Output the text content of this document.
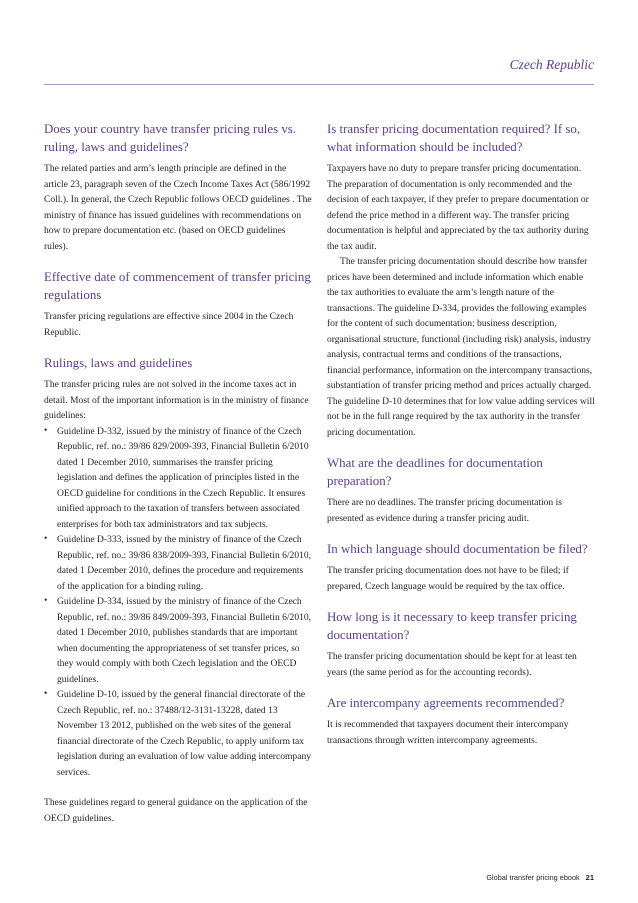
Czech Republic
Does your country have transfer pricing rules vs. ruling, laws and guidelines?

The related parties and arm’s length principle are defined in the article 23, paragraph seven of the Czech Income Taxes Act (586/1992 Coll.). In general, the Czech Republic follows OECD guidelines . The ministry of finance has issued guidelines with recommendations on how to prepare documentation etc. (based on OECD guidelines rules).

Effective date of commencement of transfer pricing regulations

Transfer pricing regulations are effective since 2004 in the Czech Republic.

Rulings, laws and guidelines

The transfer pricing rules are not solved in the income taxes act in detail. Most of the important information is in the ministry of finance guidelines:

• Guideline D-332, issued by the ministry of finance of the Czech Republic, ref. no.: 39/86 829/2009-393, Financial Bulletin 6/2010 dated 1 December 2010, summarises the transfer pricing legislation and defines the application of principles listed in the OECD guideline for conditions in the Czech Republic. It ensures unified approach to the taxation of transfers between associated enterprises for both tax administrators and tax subjects.
• Guideline D-333, issued by the ministry of finance of the Czech Republic, ref. no.: 39/86 838/2009-393, Financial Bulletin 6/2010, dated 1 December 2010, defines the procedure and requirements of the application for a binding ruling.
• Guideline D-334, issued by the ministry of finance of the Czech Republic, ref. no.: 39/86 849/2009-393, Financial Bulletin 6/2010, dated 1 December 2010, publishes standards that are important when documenting the appropriateness of set transfer prices, so they would comply with both Czech legislation and the OECD guidelines.
• Guideline D-10, issued by the general financial directorate of the Czech Republic, ref. no.: 37488/12-3131-13228, dated 13 November 13 2012, published on the web sites of the general financial directorate of the Czech Republic, to apply uniform tax legislation during an evaluation of low value adding intercompany services.

These guidelines regard to general guidance on the application of the OECD guidelines.

Is transfer pricing documentation required? If so, what information should be included?

Taxpayers have no duty to prepare transfer pricing documentation. The preparation of documentation is only recommended and the decision of each taxpayer, if they prefer to prepare documentation or defend the price method in a different way. The transfer pricing documentation is helpful and appreciated by the tax authority during the tax audit.

The transfer pricing documentation should describe how transfer prices have been determined and include information which enable the tax authorities to evaluate the arm’s length nature of the transactions. The guideline D-334, provides the following examples for the content of such documentation: business description, organisational structure, functional (including risk) analysis, industry analysis, contractual terms and conditions of the transactions, financial performance, information on the intercompany transactions, substantiation of transfer pricing method and prices actually charged. The guideline D-10 determines that for low value adding services will not be in the full range required by the tax authority in the transfer pricing documentation.

What are the deadlines for documentation preparation?

There are no deadlines. The transfer pricing documentation is presented as evidence during a transfer pricing audit.

In which language should documentation be filed?

The transfer pricing documentation does not have to be filed; if prepared, Czech language would be required by the tax office.

How long is it necessary to keep transfer pricing documentation?

The transfer pricing documentation should be kept for at least ten years (the same period as for the accounting records).

Are intercompany agreements recommended?

It is recommended that taxpayers document their intercompany transactions through written intercompany agreements.

Global transfer pricing ebook 21
